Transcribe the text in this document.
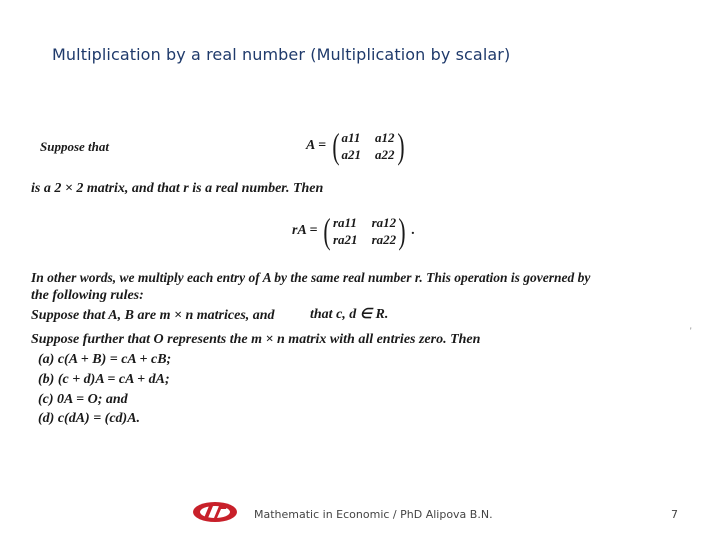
Multiplication by a real number (Multiplication by scalar)
Suppose that	A = ( a11 a12
a21 a22 )
is a 2 × 2 matrix, and that r is a real number. Then
rA = ( ra11 ra12
ra21 ra22 ) .
In other words, we multiply each entry of A by the same real number r. This operation is governed by
the following rules:
Suppose that A, B are m × n matrices, and	that c, d ∈ R.
Suppose further that O represents the m × n matrix with all entries zero. Then
(a) c(A + B) = cA + cB;
(b) (c + d)A = cA + dA;
(c) 0A = O; and
(d) c(dA) = (cd)A.
'
Mathematic in Economic / PhD Alipova B.N.	7
